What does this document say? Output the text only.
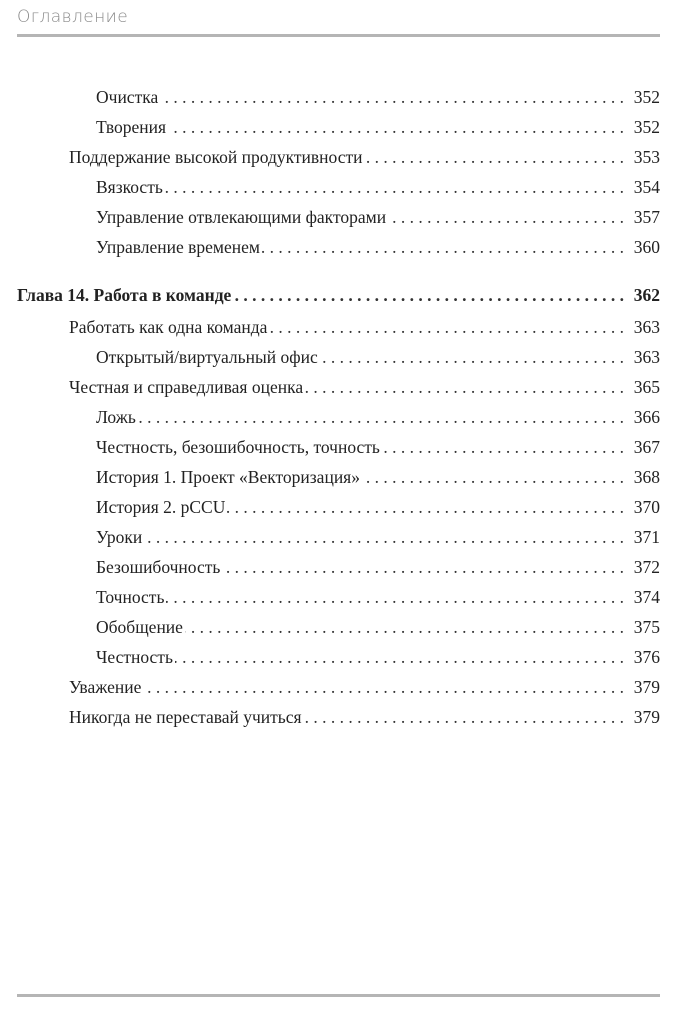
Оглавление
Очистка . . .	352
Творения . . .	352
Поддержание высокой продуктивности . . .	353
Вязкость . . .	354
Управление отвлекающими факторами . . .	357
Управление временем . . .	360
Глава 14. Работа в команде . . .	362
Работать как одна команда . . .	363
Открытый/виртуальный офис . . .	363
Честная и справедливая оценка . . .	365
Ложь . . .	366
Честность, безошибочность, точность . . .	367
История 1. Проект «Векторизация» . . .	368
История 2. pCCU . . .	370
Уроки . . .	371
Безошибочность . . .	372
Точность . . .	374
Обобщение . . .	375
Честность . . .	376
Уважение . . .	379
Никогда не переставай учиться . . .	379
